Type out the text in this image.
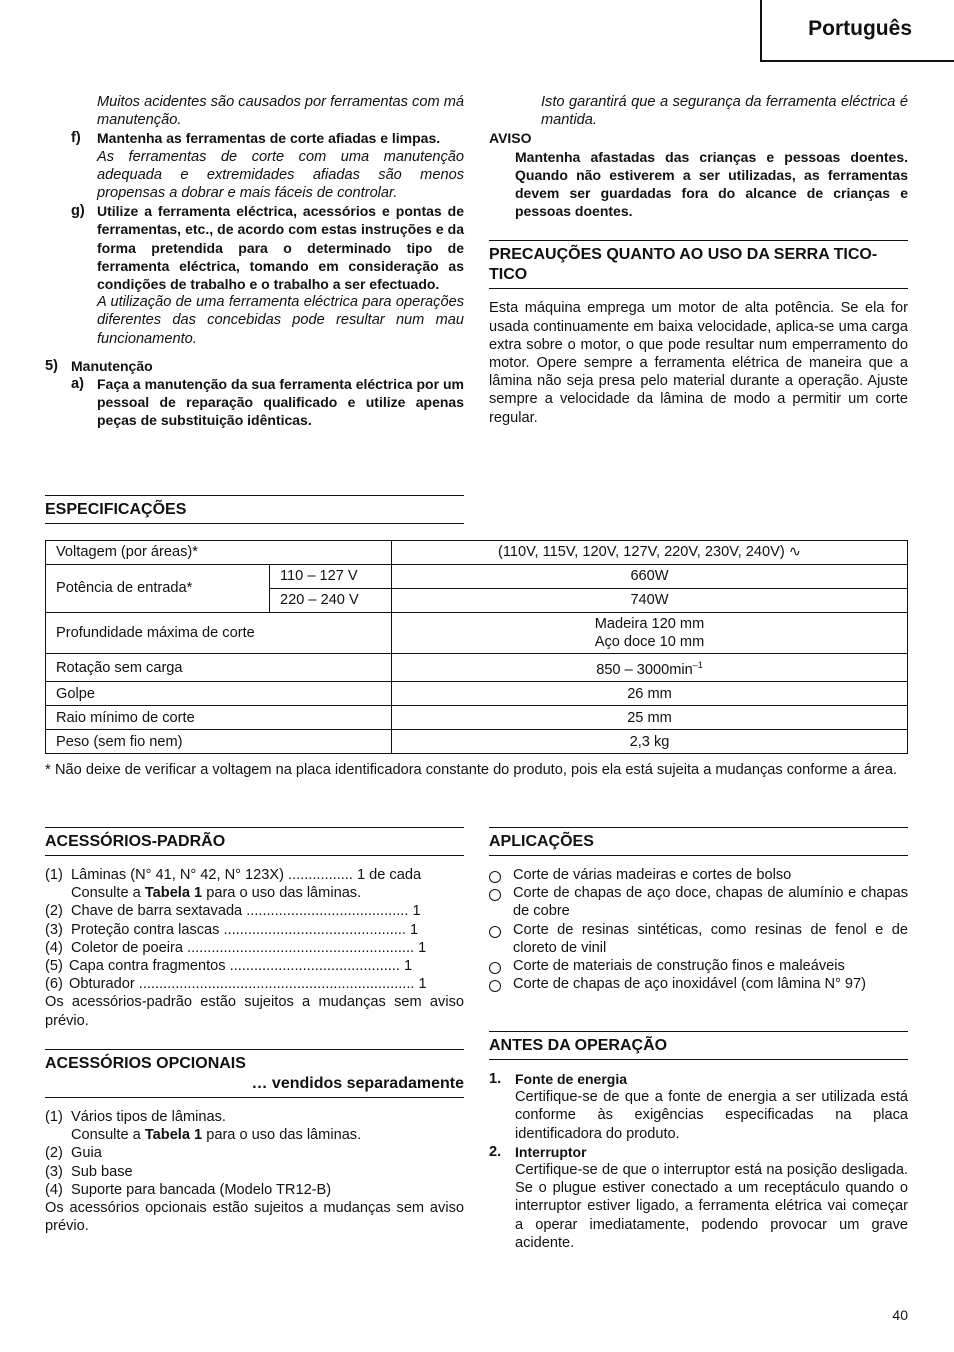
Português

Muitos acidentes são causados por ferramentas com má manutenção.

f)	Mantenha as ferramentas de corte afiadas e limpas.

As ferramentas de corte com uma manutenção adequada e extremidades afiadas são menos propensas a dobrar e mais fáceis de controlar.

g) Utilize a ferramenta eléctrica, acessórios e pontas de ferramentas, etc., de acordo com estas instruções e da forma pretendida para o determinado tipo de ferramenta eléctrica, tomando em consideração as condições de trabalho e o trabalho a ser efectuado.

A utilização de uma ferramenta eléctrica para operações diferentes das concebidas pode resultar num mau funcionamento.

5) Manutenção
a) Faça a manutenção da sua ferramenta eléctrica por um pessoal de reparação qualificado e utilize apenas peças de substituição idênticas.

Isto garantirá que a segurança da ferramenta eléctrica é mantida.

AVISO

Mantenha afastadas das crianças e pessoas doentes. Quando não estiverem a ser utilizadas, as ferramentas devem ser guardadas fora do alcance de crianças e pessoas doentes.

PRECAUÇÕES QUANTO AO USO DA SERRA TICO-TICO

Esta máquina emprega um motor de alta potência. Se ela for usada continuamente em baixa velocidade, aplica-se uma carga extra sobre o motor, o que pode resultar num emperramento do motor. Opere sempre a ferramenta elétrica de maneira que a lâmina não seja presa pelo material durante a operação. Ajuste sempre a velocidade da lâmina de modo a permitir um corte regular.

ESPECIFICAÇÕES
Voltagem (por áreas)*		(110V, 115V, 120V, 127V, 220V, 230V, 240V) ∿
Potência de entrada*	110 – 127 V	660W
	220 – 240 V	740W
Profundidade máxima de corte		Madeira 120 mm
Aço doce 10 mm

Rotação sem carga		$850 - 3000\min^{-1}$
Golpe		26 mm
Raio mínimo de corte		25 mm
Peso (sem fio nem)		2,3 kg
* Não deixe de verificar a voltagem na placa identificadora constante do produto, pois ela está sujeita a mudanças conforme a área.

ACESSÓRIOS-PADRÃO
(1) Lâminas (N° 41, N° 42, N° 123X) ................ 1 de cada

Consulte a Tabela 1 para o uso das lâminas.

(2) Chave de barra sextavada ........................................ 1
(3) Proteção contra lascas ............................................. 1
(4) Coletor de poeira ........................................................ 1
(5) Capa contra fragmentos .......................................... 1
(6) Obturador .................................................................... 1

Os acessórios-padrão estão sujeitos a mudanças sem aviso prévio.

ACESSÓRIOS OPCIONAIS
… vendidos separadamente
(1) Vários tipos de lâminas.

Consulte a Tabela 1 para o uso das lâminas.

(2) Guia
(3) Sub base
(4) Suporte para bancada (Modelo TR12-B)

Os acessórios opcionais estão sujeitos a mudanças sem aviso prévio.

APLICAÇÕES

Corte de várias madeiras e cortes de bolso

Corte de chapas de aço doce, chapas de alumínio e chapas de cobre

Corte de resinas sintéticas, como resinas de fenol e de cloreto de vinil

Corte de materiais de construção finos e maleáveis

Corte de chapas de aço inoxidável (com lâmina N° 97)

ANTES DA OPERAÇÃO
1. Fonte de energia

Certifique-se de que a fonte de energia a ser utilizada está conforme às exigências especificadas na placa identificadora do produto.

2. Interruptor

Certifique-se de que o interruptor está na posição desligada. Se o plugue estiver conectado a um receptáculo quando o interruptor estiver ligado, a ferramenta elétrica vai começar a operar imediatamente, podendo provocar um grave acidente.

40
